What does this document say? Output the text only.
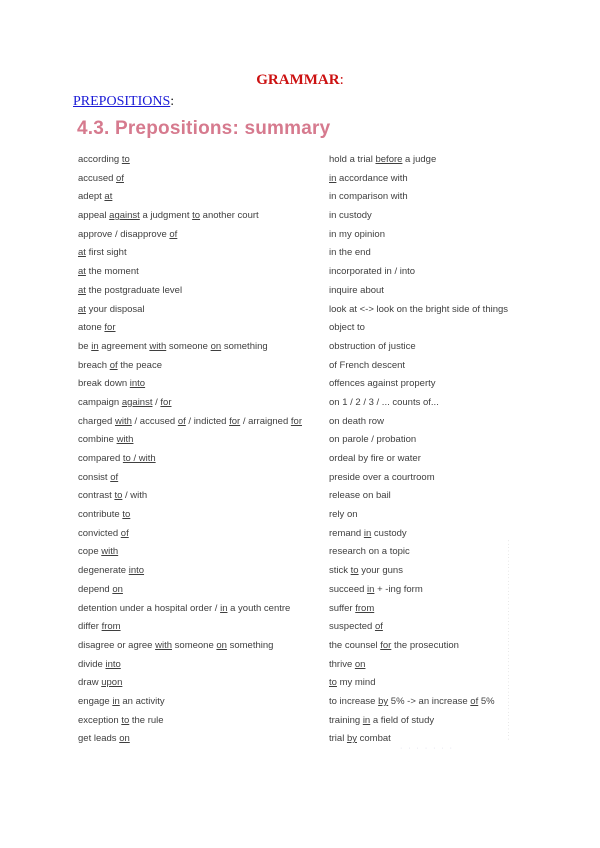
GRAMMAR:
PREPOSITIONS:
4.3. Prepositions: summary
according to
accused of
adept at
appeal against a judgment to another court
approve / disapprove of
at first sight
at the moment
at the postgraduate level
at your disposal
atone for
be in agreement with someone on something
breach of the peace
break down into
campaign against / for
charged with / accused of / indicted for / arraigned for
combine with
compared to / with
consist of
contrast to / with
contribute to
convicted of
cope with
degenerate into
depend on
detention under a hospital order / in a youth centre
differ from
disagree or agree with someone on something
divide into
draw upon
engage in an activity
exception to the rule
get leads on
hold a trial before a judge
in accordance with
in comparison with
in custody
in my opinion
in the end
incorporated in / into
inquire about
look at <-> look on the bright side of things
object to
obstruction of justice
of French descent
offences against property
on 1 / 2 / 3 / ... counts of...
on death row
on parole / probation
ordeal by fire or water
preside over a courtroom
release on bail
rely on
remand in custody
research on a topic
stick to your guns
succeed in + -ing form
suffer from
suspected of
the counsel for the prosecution
thrive on
to my mind
to increase by 5% -> an increase of 5%
training in a field of study
trial by combat	· · · · · · · · · · · · · · · · · · · · · · · · · · · · · · · · · · · · · · · · · · · · · · · · · · · · · · · · · · · ·
· · · · · · ·
